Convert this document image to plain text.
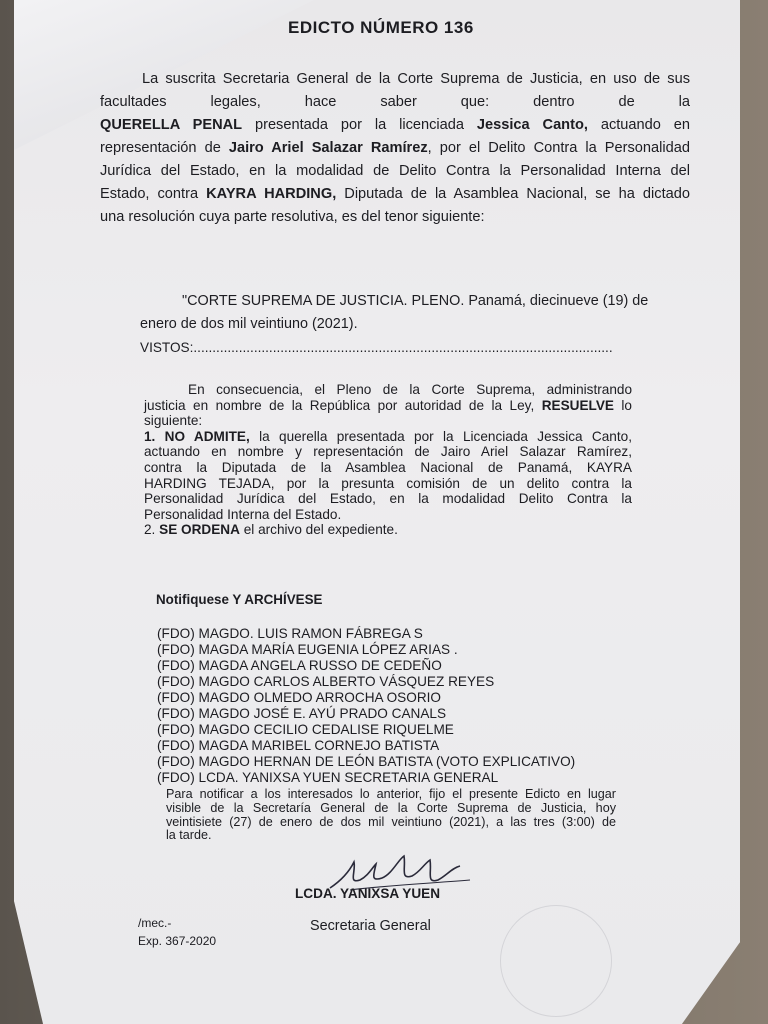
EDICTO NÚMERO 136
La suscrita Secretaria General de la Corte Suprema de Justicia, en uso de sus
facultades legales, hace saber que: dentro de la
QUERELLA PENAL presentada por la licenciada Jessica Canto, actuando en
representación de Jairo Ariel Salazar Ramírez, por el Delito Contra la Personalidad
Jurídica del Estado, en la modalidad de Delito Contra la Personalidad Interna del
Estado, contra KAYRA HARDING, Diputada de la Asamblea Nacional, se ha dictado
una resolución cuya parte resolutiva, es del tenor siguiente:
"CORTE SUPREMA DE JUSTICIA. PLENO. Panamá, diecinueve (19) de
enero de dos mil veintiuno (2021).
VISTOS:...............................................................................................................
En consecuencia, el Pleno de la Corte Suprema, administrando
justicia en nombre de la República por autoridad de la Ley, RESUELVE lo
siguiente:
1. NO ADMITE, la querella presentada por la Licenciada Jessica Canto,
actuando en nombre y representación de Jairo Ariel Salazar Ramírez,
contra la Diputada de la Asamblea Nacional de Panamá, KAYRA
HARDING TEJADA, por la presunta comisión de un delito contra la
Personalidad Jurídica del Estado, en la modalidad Delito Contra la
Personalidad Interna del Estado.
2. SE ORDENA el archivo del expediente.
Notifiquese Y ARCHÍVESE
(FDO) MAGDO. LUIS RAMON FÁBREGA S
(FDO) MAGDA MARÍA EUGENIA LÓPEZ ARIAS .
(FDO) MAGDA ANGELA RUSSO DE CEDEÑO
(FDO) MAGDO CARLOS ALBERTO VÁSQUEZ REYES
(FDO) MAGDO OLMEDO ARROCHA OSORIO
(FDO) MAGDO JOSÉ E. AYÚ PRADO CANALS
(FDO) MAGDO CECILIO CEDALISE RIQUELME
(FDO) MAGDA MARIBEL CORNEJO BATISTA
(FDO) MAGDO HERNAN DE LEÓN BATISTA (VOTO EXPLICATIVO)
(FDO) LCDA. YANIXSA YUEN SECRETARIA GENERAL
Para notificar a los interesados lo anterior, fijo el presente Edicto en lugar
visible de la Secretaría General de la Corte Suprema de Justicia, hoy
veintisiete (27) de enero de dos mil veintiuno (2021), a las tres (3:00) de
la tarde.
LCDA. YANIXSA YUEN
Secretaria General
/mec.-
Exp. 367-2020
